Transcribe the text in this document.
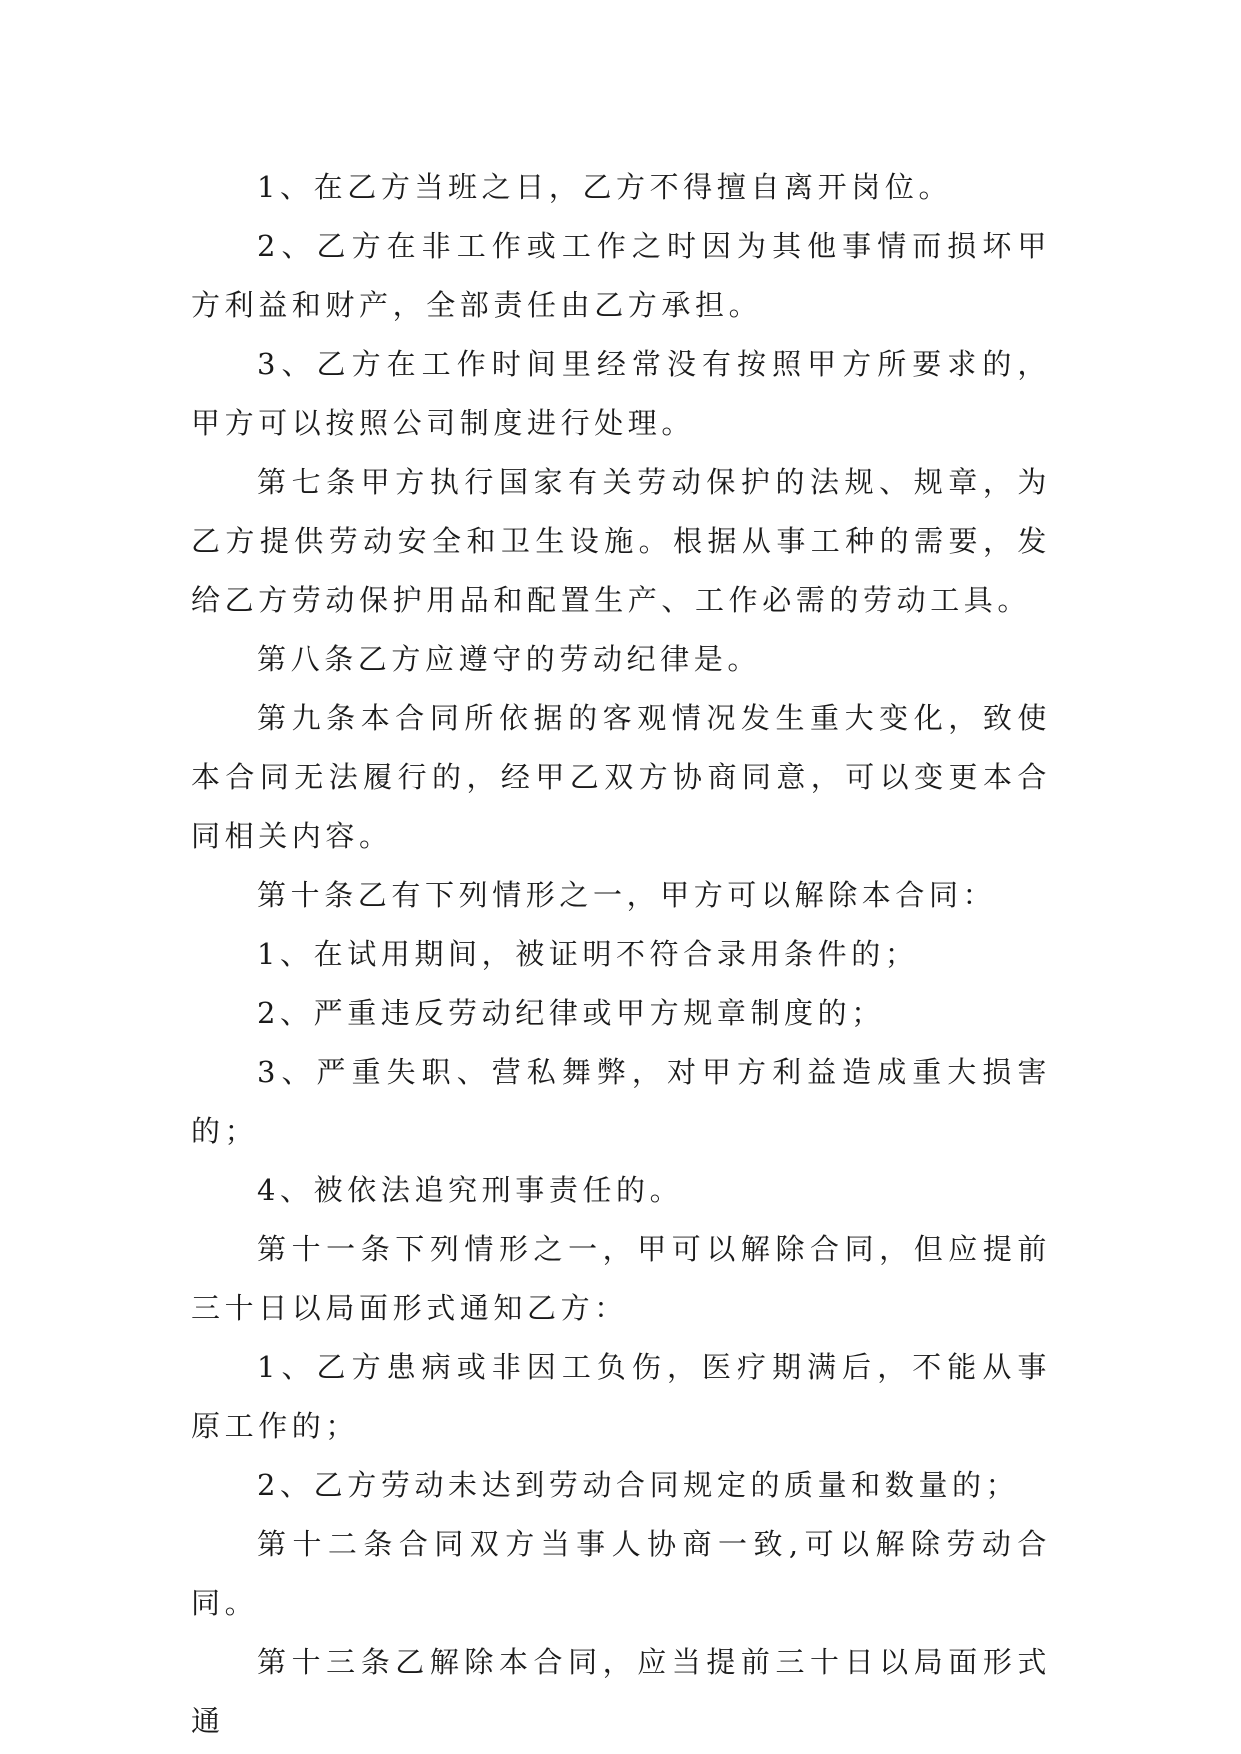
1、在乙方当班之日，乙方不得擅自离开岗位。

2、乙方在非工作或工作之时因为其他事情而损坏甲方利益和财产，全部责任由乙方承担。

3、乙方在工作时间里经常没有按照甲方所要求的，甲方可以按照公司制度进行处理。

第七条甲方执行国家有关劳动保护的法规、规章，为乙方提供劳动安全和卫生设施。根据从事工种的需要，发给乙方劳动保护用品和配置生产、工作必需的劳动工具。

第八条乙方应遵守的劳动纪律是。

第九条本合同所依据的客观情况发生重大变化，致使本合同无法履行的，经甲乙双方协商同意，可以变更本合同相关内容。

第十条乙有下列情形之一，甲方可以解除本合同：

1、在试用期间，被证明不符合录用条件的；

2、严重违反劳动纪律或甲方规章制度的；

3、严重失职、营私舞弊，对甲方利益造成重大损害的；

4、被依法追究刑事责任的。

第十一条下列情形之一，甲可以解除合同，但应提前三十日以局面形式通知乙方：

1、乙方患病或非因工负伤，医疗期满后，不能从事原工作的；

2、乙方劳动未达到劳动合同规定的质量和数量的；

第十二条合同双方当事人协商一致,可以解除劳动合同。

第十三条乙解除本合同，应当提前三十日以局面形式通
